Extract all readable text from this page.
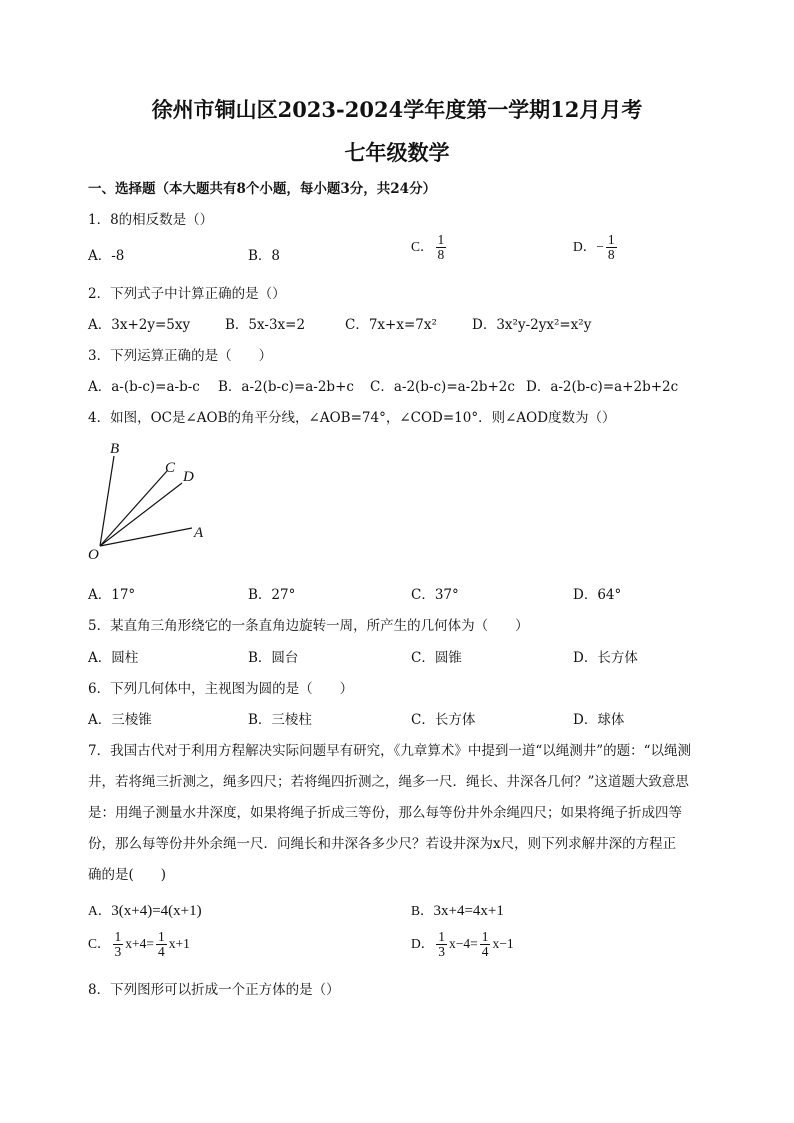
徐州市铜山区2023-2024学年度第一学期12月月考
七年级数学
一、选择题（本大题共有8个小题，每小题3分，共24分）
1．8的相反数是（）
A．-8	B．8
C． $\frac{1}{8}$	D．− $\frac{1}{8}$
2．下列式子中计算正确的是（）
A．3x+2y=5xy	B．5x-3x=2	C．7x+x=7x²	D．3x²y-2yx²=x²y
3．下列运算正确的是（　　）
A．a-(b-c)=a-b-c B．a-2(b-c)=a-2b+c C．a-2(b-c)=a-2b+2c D．a-2(b-c)=a+2b+2c
4．如图，OC是∠AOB的角平分线，∠AOB=74°，∠COD=10°．则∠AOD度数为（）
B
C
D
A
O
A．17°	B．27°	C．37°	D．64°
5．某直角三角形绕它的一条直角边旋转一周，所产生的几何体为（　　）
A．圆柱	B．圆台	C．圆锥	D．长方体
6．下列几何体中，主视图为圆的是（　　）
A．三棱锥	B．三棱柱	C．长方体	D．球体
7．我国古代对于利用方程解决实际问题早有研究，《九章算术》中提到一道“以绳测井”的题：“以绳测
井，若将绳三折测之，绳多四尺；若将绳四折测之，绳多一尺．绳长、井深各几何？”这道题大致意思
是：用绳子测量水井深度，如果将绳子折成三等份，那么每等份井外余绳四尺；如果将绳子折成四等
份，那么每等份井外余绳一尺．问绳长和井深各多少尺？若设井深为x尺，则下列求解井深的方程正
确的是(　　)
A．3(x+4)=4(x+1)	B．3x+4=4x+1
C． $\frac{1}{3} x+4= \frac{1}{4} x+1$	D． $\frac{1}{3} x-4= \frac{1}{4} x-1$
8．下列图形可以折成一个正方体的是（）
